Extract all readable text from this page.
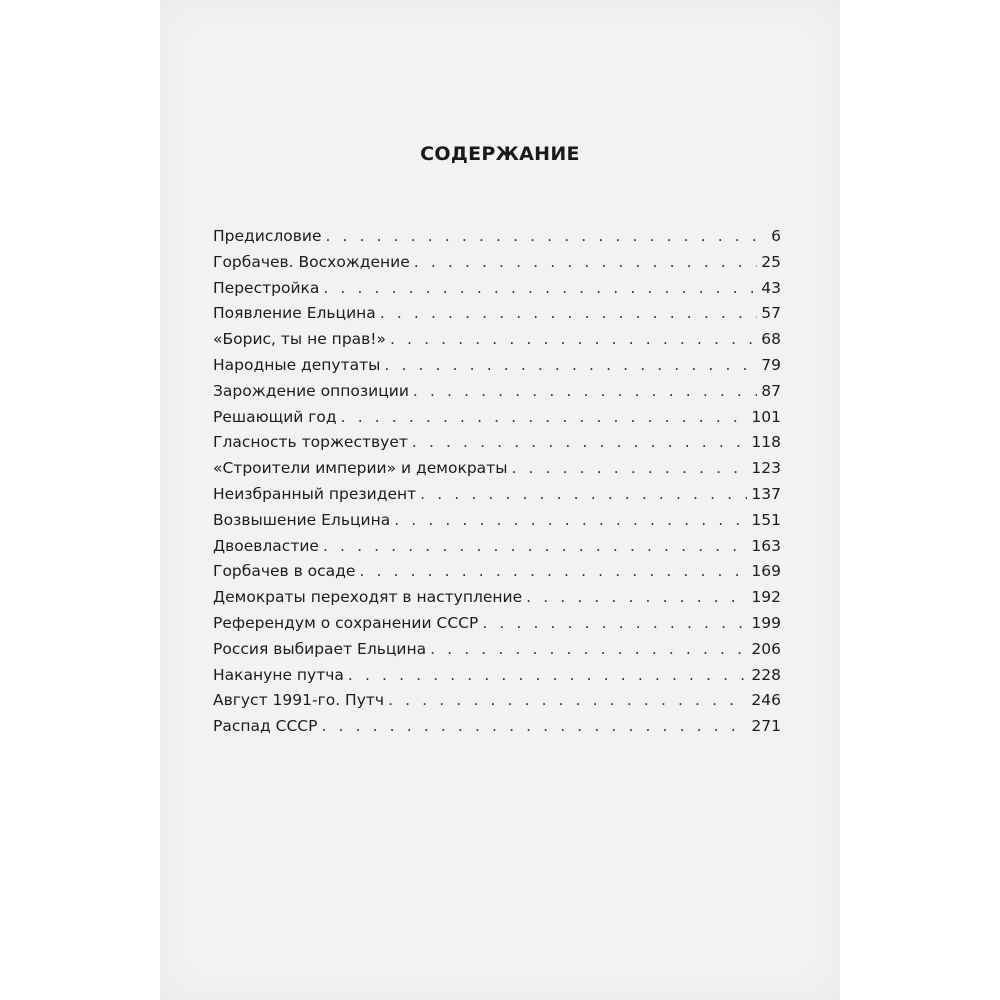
СОДЕРЖАНИЕ
Предисловие . . .	6
Горбачев. Восхождение . . .	25
Перестройка . . .	43
Появление Ельцина . . .	57
«Борис, ты не прав!» . . .	68
Народные депутаты . . .	79
Зарождение оппозиции . . .	87
Решающий год . . .	101
Гласность торжествует . . .	118
«Строители империи» и демократы . . .	123
Неизбранный президент . . .	137
Возвышение Ельцина . . .	151
Двоевластие . . .	163
Горбачев в осаде . . .	169
Демократы переходят в наступление . . .	192
Референдум о сохранении СССР . . .	199
Россия выбирает Ельцина . . .	206
Накануне путча . . .	228
Август 1991-го. Путч . . .	246
Распад СССР . . .	271
